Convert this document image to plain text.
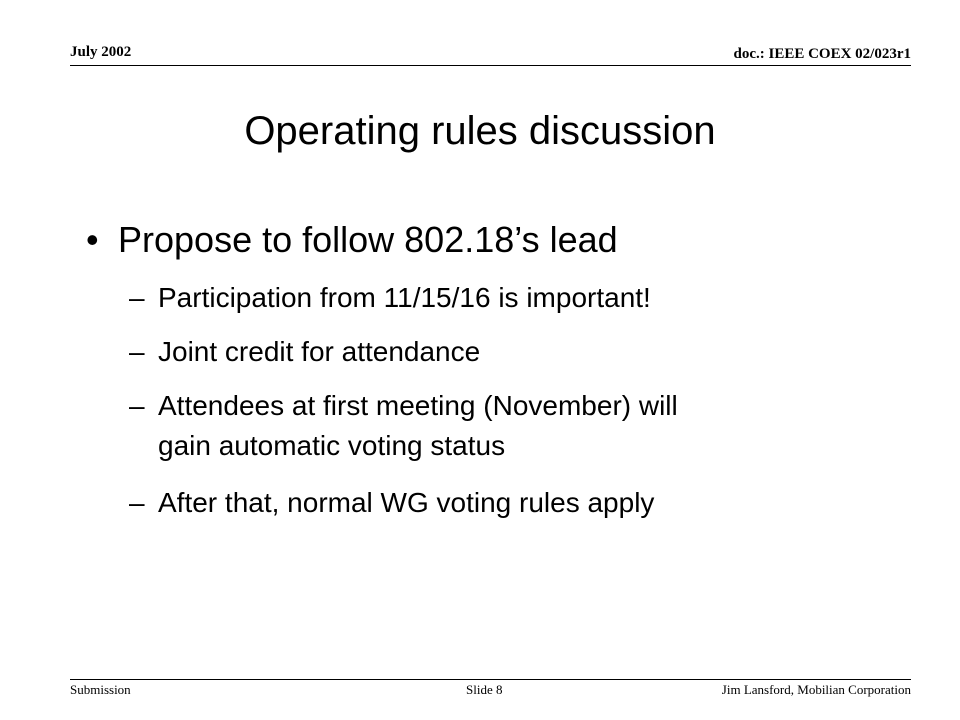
July 2002	doc.: IEEE COEX 02/023r1
Operating rules discussion
• Propose to follow 802.18’s lead
– Participation from 11/15/16 is important!
– Joint credit for attendance
– Attendees at first meeting (November) will
gain automatic voting status
– After that, normal WG voting rules apply
Submission	Slide 8	Jim Lansford, Mobilian Corporation
